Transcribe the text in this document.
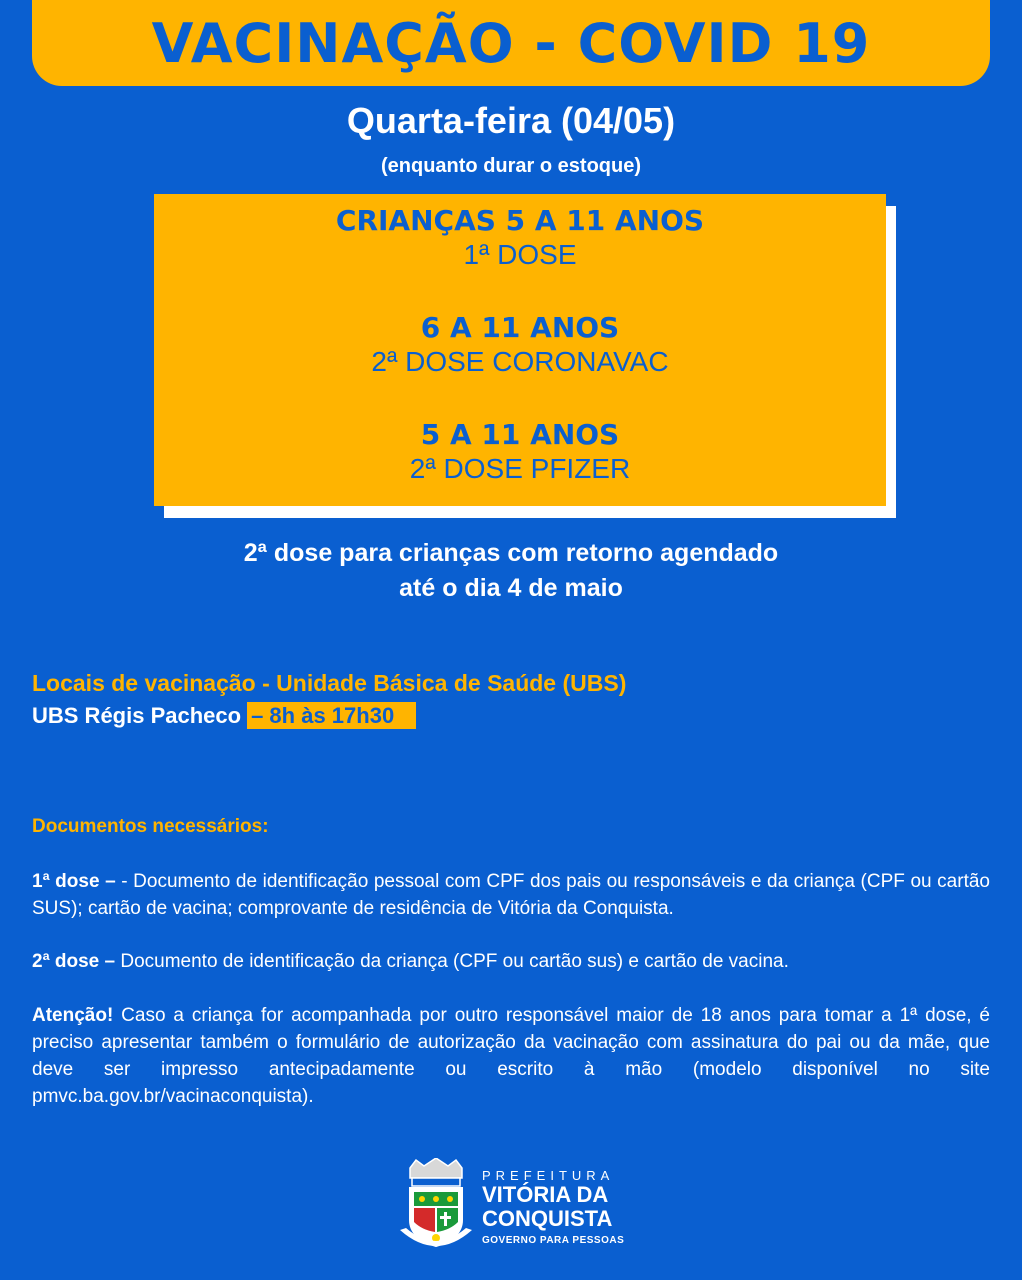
VACINAÇÃO - COVID 19
Quarta-feira (04/05)
(enquanto durar o estoque)
CRIANÇAS 5 A 11 ANOS
1ª DOSE
6 A 11 ANOS
2ª DOSE CORONAVAC
5 A 11 ANOS
2ª DOSE PFIZER
2ª dose para crianças com retorno agendado
até o dia 4 de maio
Locais de vacinação - Unidade Básica de Saúde (UBS)
UBS Régis Pacheco – 8h às 17h30
Documentos necessários:
1ª dose – - Documento de identificação pessoal com CPF dos pais ou responsáveis e da criança (CPF ou cartão SUS); cartão de vacina; comprovante de residência de Vitória da Conquista.
2ª dose – Documento de identificação da criança (CPF ou cartão sus) e cartão de vacina.
Atenção! Caso a criança for acompanhada por outro responsável maior de 18 anos para tomar a 1ª dose, é preciso apresentar também o formulário de autorização da vacinação com assinatura do pai ou da mãe, que deve ser impresso antecipadamente ou escrito à mão (modelo disponível no site pmvc.ba.gov.br/vacinaconquista).
PREFEITURA
VITÓRIA DA
CONQUISTA
GOVERNO PARA PESSOAS
